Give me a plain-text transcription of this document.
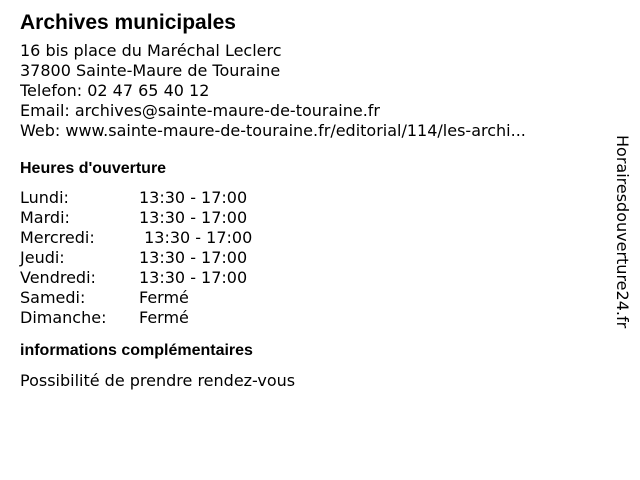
Archives municipales
16 bis place du Maréchal Leclerc
37800 Sainte-Maure de Touraine
Telefon: 02 47 65 40 12
Email: archives@sainte-maure-de-touraine.fr
Web: www.sainte-maure-de-touraine.fr/editorial/114/les-archi...
Heures d'ouverture
Lundi:	13:30 - 17:00
Mardi:	13:30 - 17:00
Mercredi:	13:30 - 17:00
Jeudi:	13:30 - 17:00
Vendredi:	13:30 - 17:00
Samedi:	Fermé
Dimanche:	Fermé
informations complémentaires
Possibilité de prendre rendez-vous
Horairesdouverture24.fr
